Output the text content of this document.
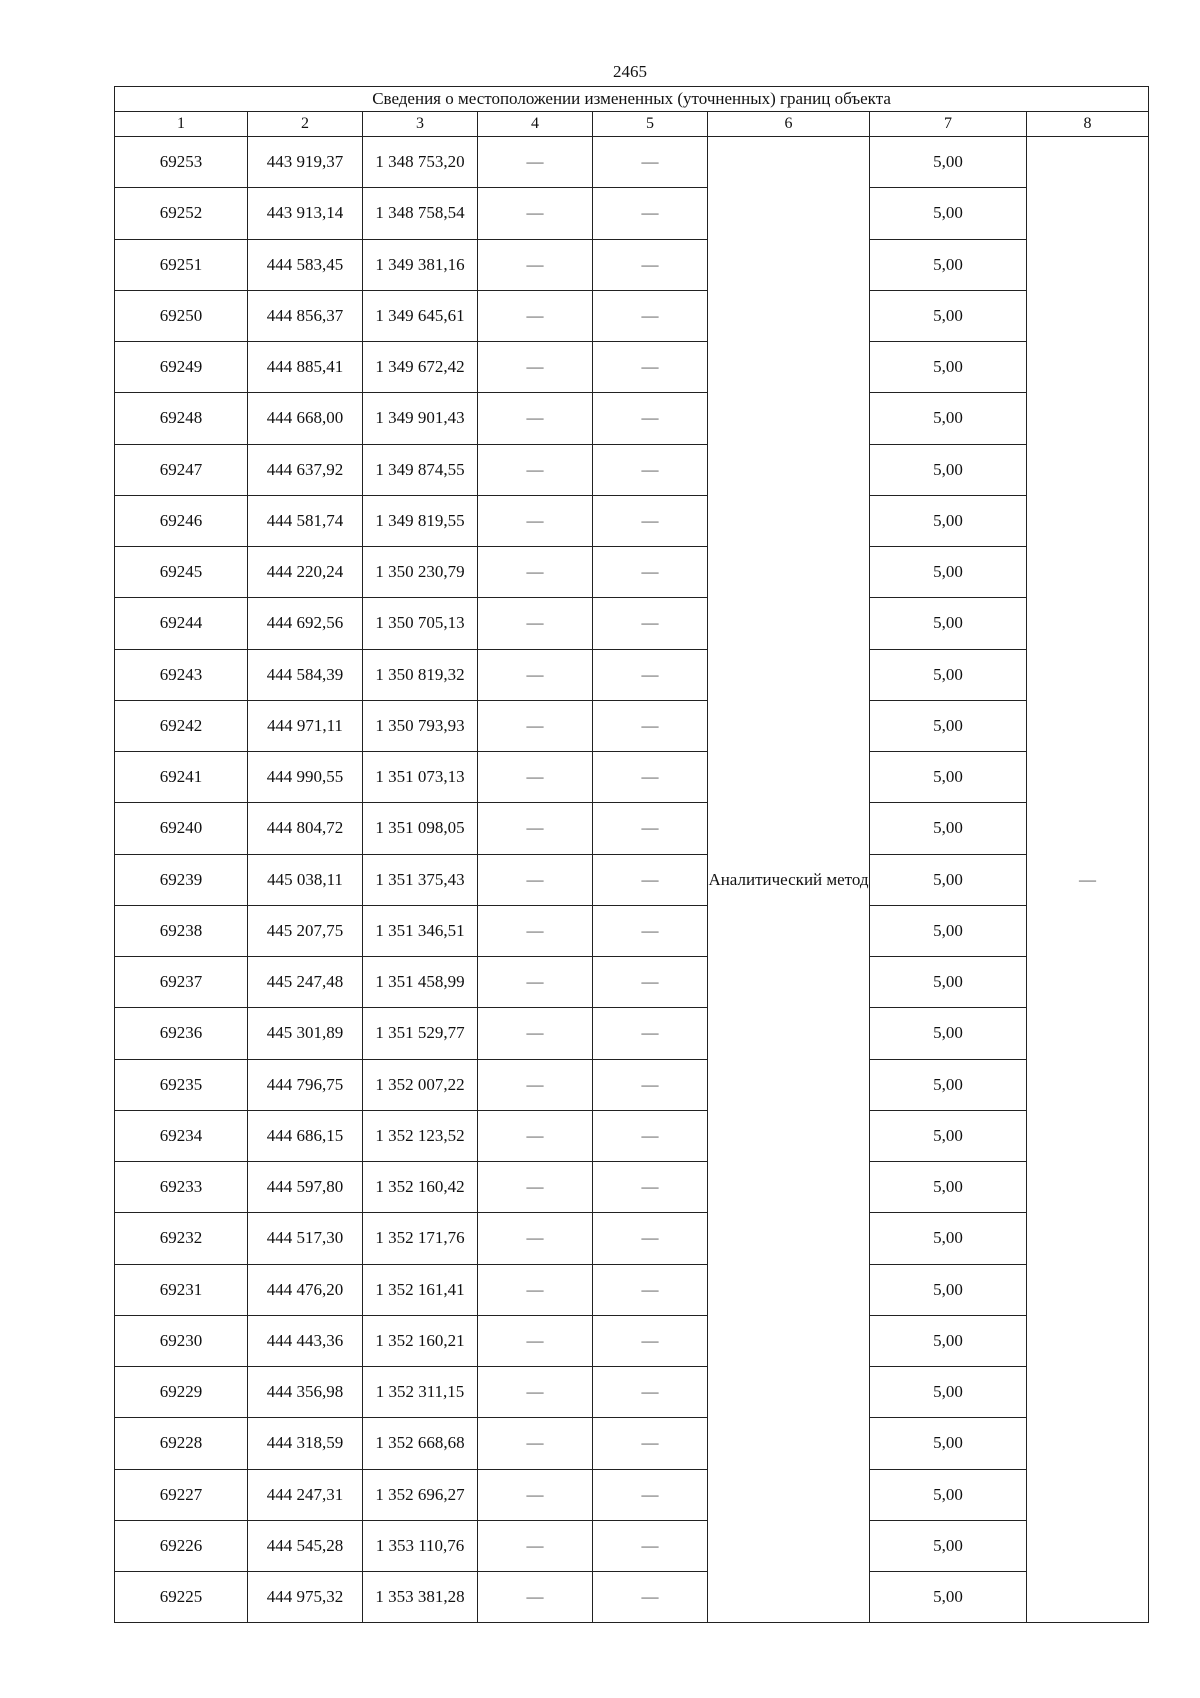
2465
Сведения о местоположении измененных (уточненных) границ объекта							
1	2	3	4	5	6	7	8
69253	443 919,37	1 348 753,20	—	—	Аналитический метод	5,00	—
69252	443 913,14	1 348 758,54	—	—		5,00	
69251	444 583,45	1 349 381,16	—	—		5,00	
69250	444 856,37	1 349 645,61	—	—		5,00	
69249	444 885,41	1 349 672,42	—	—		5,00	
69248	444 668,00	1 349 901,43	—	—		5,00	
69247	444 637,92	1 349 874,55	—	—		5,00	
69246	444 581,74	1 349 819,55	—	—		5,00	
69245	444 220,24	1 350 230,79	—	—		5,00	
69244	444 692,56	1 350 705,13	—	—		5,00	
69243	444 584,39	1 350 819,32	—	—		5,00	
69242	444 971,11	1 350 793,93	—	—		5,00	
69241	444 990,55	1 351 073,13	—	—		5,00	
69240	444 804,72	1 351 098,05	—	—		5,00	
69239	445 038,11	1 351 375,43	—	—		5,00	
69238	445 207,75	1 351 346,51	—	—		5,00	
69237	445 247,48	1 351 458,99	—	—		5,00	
69236	445 301,89	1 351 529,77	—	—		5,00	
69235	444 796,75	1 352 007,22	—	—		5,00	
69234	444 686,15	1 352 123,52	—	—		5,00	
69233	444 597,80	1 352 160,42	—	—		5,00	
69232	444 517,30	1 352 171,76	—	—		5,00	
69231	444 476,20	1 352 161,41	—	—		5,00	
69230	444 443,36	1 352 160,21	—	—		5,00	
69229	444 356,98	1 352 311,15	—	—		5,00	
69228	444 318,59	1 352 668,68	—	—		5,00	
69227	444 247,31	1 352 696,27	—	—		5,00	
69226	444 545,28	1 353 110,76	—	—		5,00	
69225	444 975,32	1 353 381,28	—	—		5,00	
